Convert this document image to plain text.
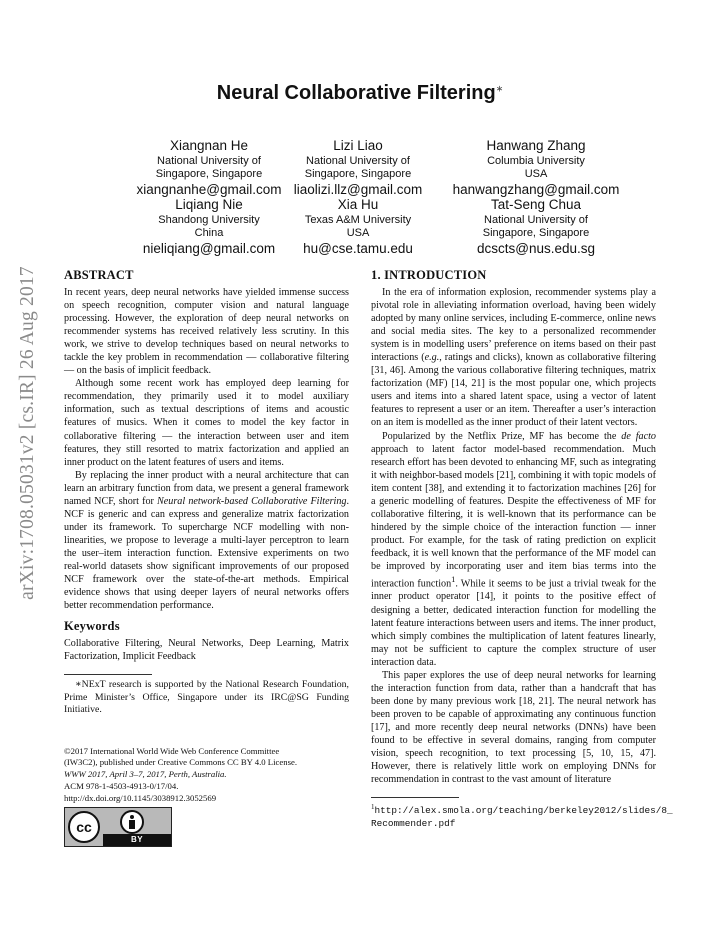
arXiv:1708.05031v2 [cs.IR] 26 Aug 2017
Neural Collaborative Filtering∗
Xiangnan He
National University of
Singapore, Singapore
xiangnanhe@gmail.com
Lizi Liao
National University of
Singapore, Singapore
liaolizi.llz@gmail.com
Hanwang Zhang
Columbia University
USA
hanwangzhang@gmail.com
Liqiang Nie
Shandong University
China
nieliqiang@gmail.com
Xia Hu
Texas A&M University
USA
hu@cse.tamu.edu
Tat-Seng Chua
National University of
Singapore, Singapore
dcscts@nus.edu.sg
ABSTRACT

In recent years, deep neural networks have yielded immense success on speech recognition, computer vision and natural language processing. However, the exploration of deep neural networks on recommender systems has received relatively less scrutiny. In this work, we strive to develop techniques based on neural networks to tackle the key problem in recommendation — collaborative filtering — on the basis of implicit feedback.

Although some recent work has employed deep learning for recommendation, they primarily used it to model auxiliary information, such as textual descriptions of items and acoustic features of musics. When it comes to model the key factor in collaborative filtering — the interaction between user and item features, they still resorted to matrix factorization and applied an inner product on the latent features of users and items.

By replacing the inner product with a neural architecture that can learn an arbitrary function from data, we present a general framework named NCF, short for Neural network-based Collaborative Filtering. NCF is generic and can express and generalize matrix factorization under its framework. To supercharge NCF modelling with non-linearities, we propose to leverage a multi-layer perceptron to learn the user–item interaction function. Extensive experiments on two real-world datasets show significant improvements of our proposed NCF framework over the state-of-the-art methods. Empirical evidence shows that using deeper layers of neural networks offers better recommendation performance.

Keywords

Collaborative Filtering, Neural Networks, Deep Learning, Matrix Factorization, Implicit Feedback

∗NExT research is supported by the National Research Foundation, Prime Minister’s Office, Singapore under its IRC@SG Funding Initiative.

©2017 International World Wide Web Conference Committee
(IW3C2), published under Creative Commons CC BY 4.0 License.
WWW 2017, April 3–7, 2017, Perth, Australia.
ACM 978-1-4503-4913-0/17/04.
http://dx.doi.org/10.1145/3038912.3052569
cc
BY
1. INTRODUCTION

In the era of information explosion, recommender systems play a pivotal role in alleviating information overload, having been widely adopted by many online services, including E-commerce, online news and social media sites. The key to a personalized recommender system is in modelling users’ preference on items based on their past interactions (e.g., ratings and clicks), known as collaborative filtering [31, 46]. Among the various collaborative filtering techniques, matrix factorization (MF) [14, 21] is the most popular one, which projects users and items into a shared latent space, using a vector of latent features to represent a user or an item. Thereafter a user’s interaction on an item is modelled as the inner product of their latent vectors.

Popularized by the Netflix Prize, MF has become the de facto approach to latent factor model-based recommendation. Much research effort has been devoted to enhancing MF, such as integrating it with neighbor-based models [21], combining it with topic models of item content [38], and extending it to factorization machines [26] for a generic modelling of features. Despite the effectiveness of MF for collaborative filtering, it is well-known that its performance can be hindered by the simple choice of the interaction function — inner product. For example, for the task of rating prediction on explicit feedback, it is well known that the performance of the MF model can be improved by incorporating user and item bias terms into the interaction function$^1$. While it seems to be just a trivial tweak for the inner product operator [14], it points to the positive effect of designing a better, dedicated interaction function for modelling the latent feature interactions between users and items. The inner product, which simply combines the multiplication of latent features linearly, may not be sufficient to capture the complex structure of user interaction data.

This paper explores the use of deep neural networks for learning the interaction function from data, rather than a handcraft that has been done by many previous work [18, 21]. The neural network has been proven to be capable of approximating any continuous function [17], and more recently deep neural networks (DNNs) have been found to be effective in several domains, ranging from computer vision, speech recognition, to text processing [5, 10, 15, 47]. However, there is relatively little work on employing DNNs for recommendation in contrast to the vast amount of literature

$^1$http://alex.smola.org/teaching/berkeley2012/slides/8_
Recommender.pdf
